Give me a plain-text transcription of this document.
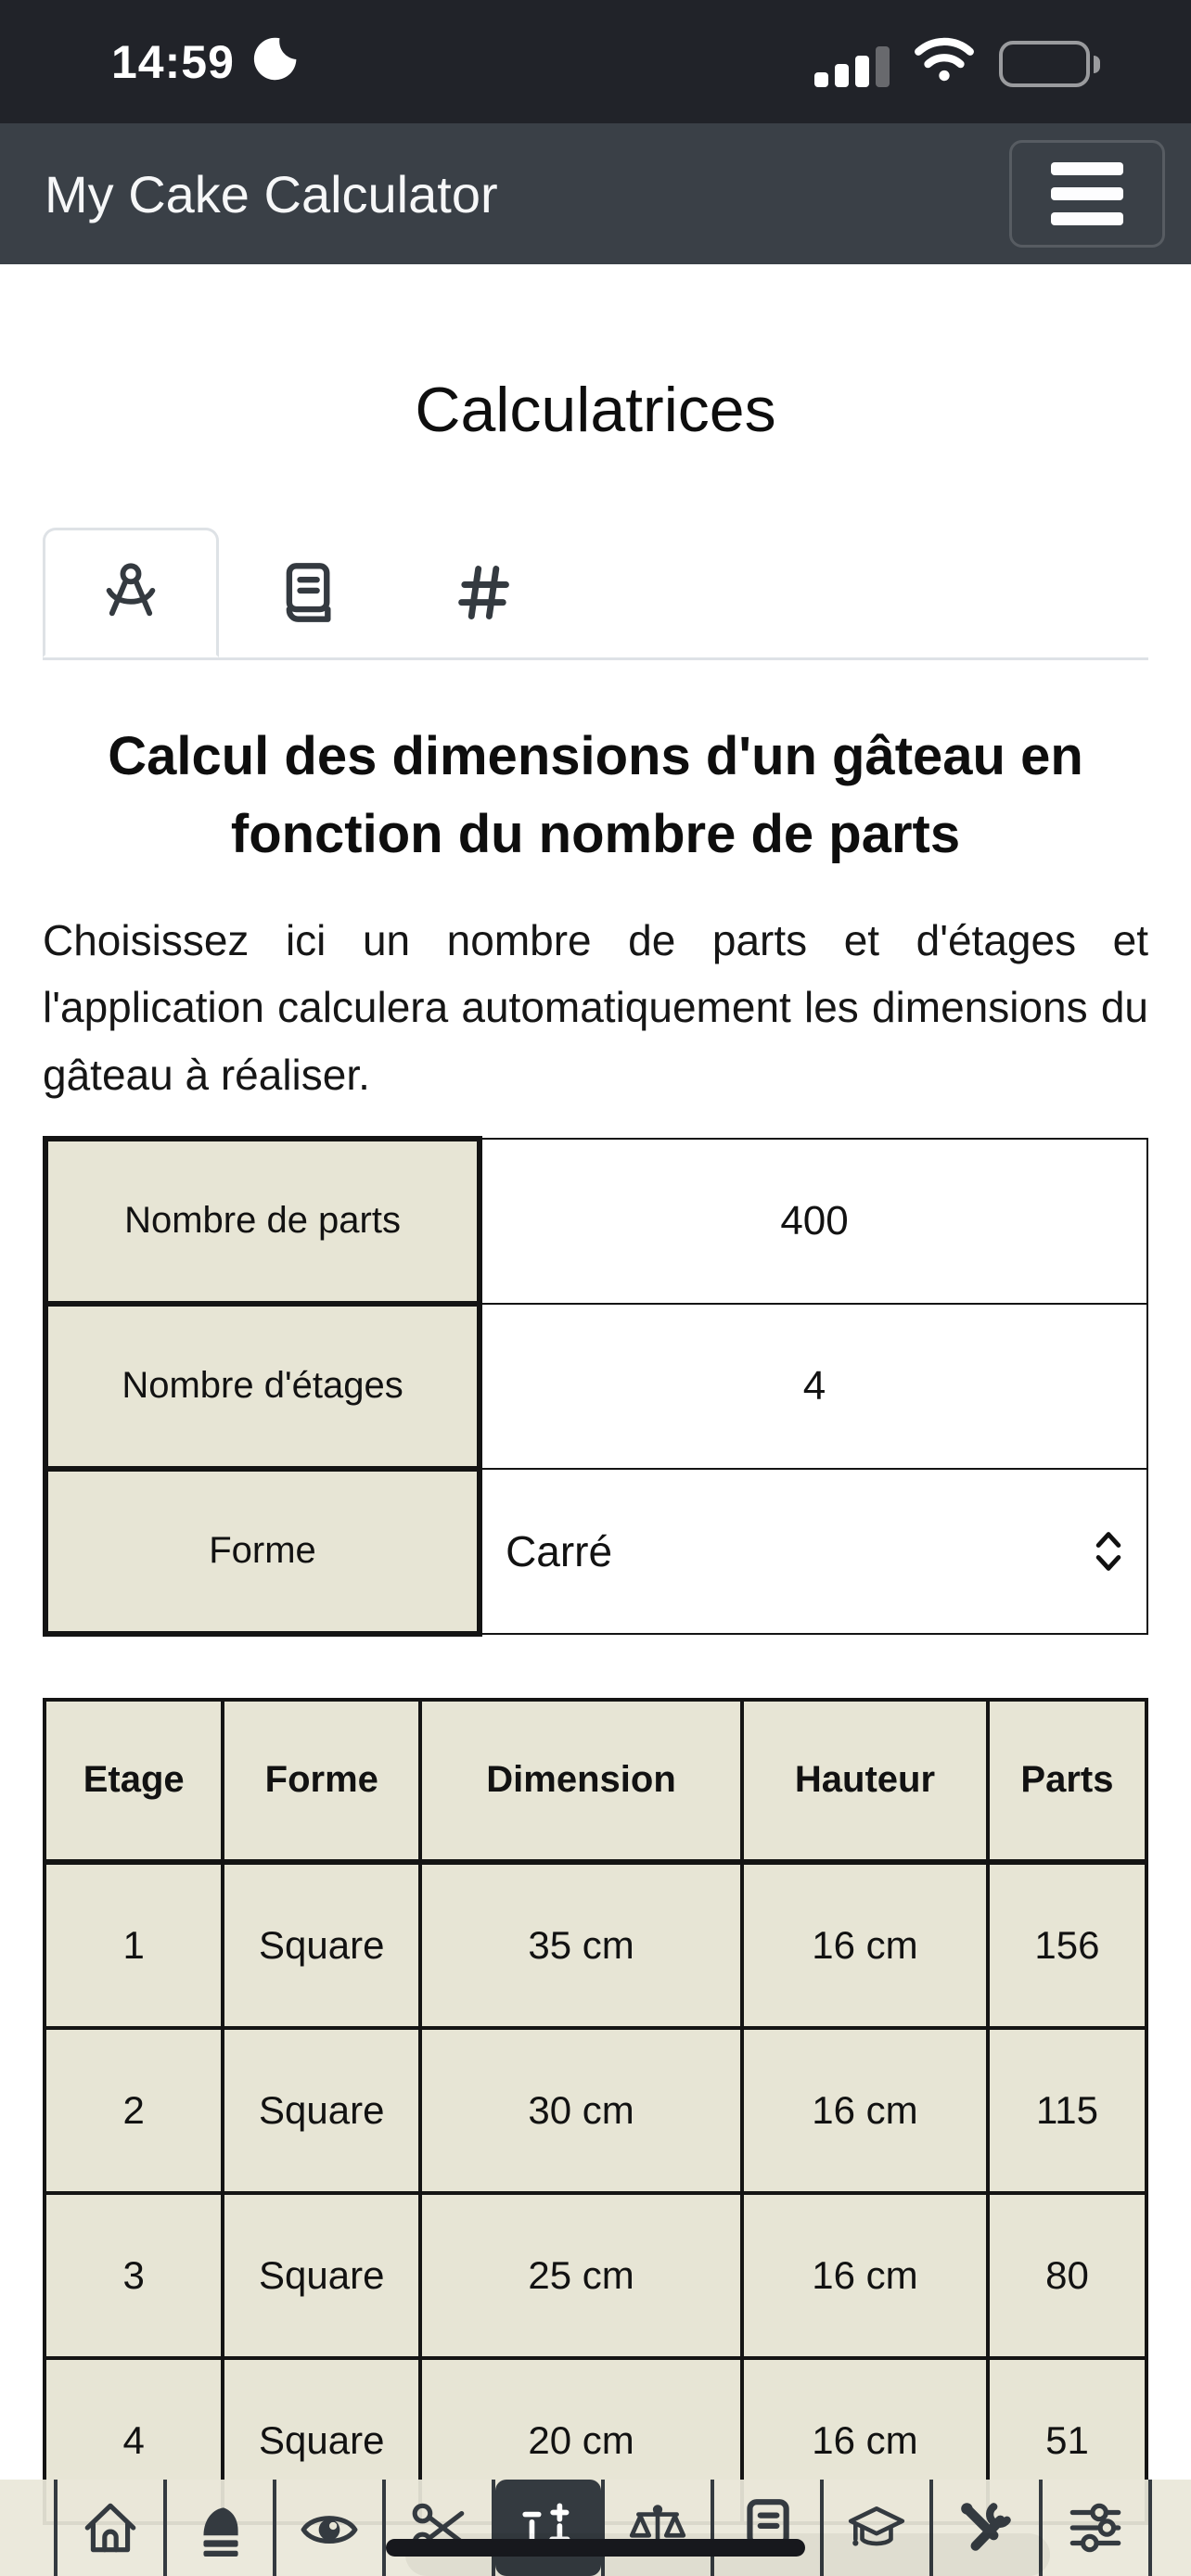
14:59
My Cake Calculator
Calculatrices
Calcul des dimensions d'un gâteau en fonction du nombre de parts

Choisissez ici un nombre de parts et d'étages et l'application calculera automatiquement les dimensions du gâteau à réaliser.

Nombre de parts	400
Nombre d'étages	4
Forme	Carré
Etage	Forme	Dimension	Hauteur	Parts
1	Square	35 cm	16 cm	156
2	Square	30 cm	16 cm	115
3	Square	25 cm	16 cm	80
4	Square	20 cm	16 cm	51
